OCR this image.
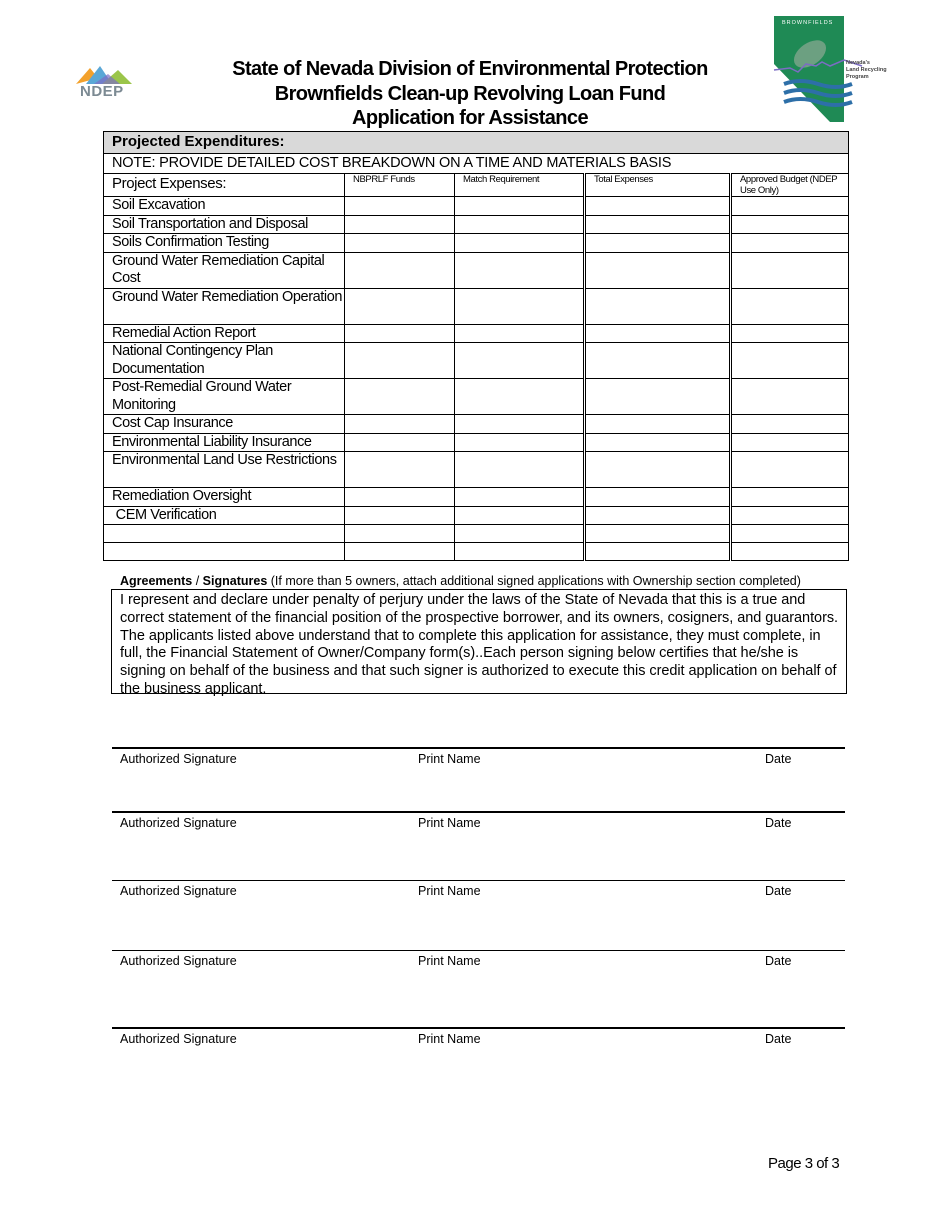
NDEP
State of Nevada Division of Environmental Protection
Brownfields Clean-up Revolving Loan Fund
Application for Assistance
BROWNFIELDS
Nevada's
Land Recycling
Program
Projected Expenditures:				
NOTE: PROVIDE DETAILED COST BREAKDOWN ON A TIME AND MATERIALS BASIS				
Project Expenses:	NBPRLF Funds	Match Requirement	Total Expenses	Approved Budget (NDEP Use Only)
Soil Excavation				
Soil Transportation and Disposal				
Soils Confirmation Testing				
Ground Water Remediation Capital Cost				
Ground Water Remediation Operation				
Remedial Action Report				
National Contingency Plan Documentation				
Post-Remedial Ground Water Monitoring				
Cost Cap Insurance				
Environmental Liability Insurance				
Environmental Land Use Restrictions				
Remediation Oversight				
CEM Verification				

Agreements / Signatures (If more than 5 owners, attach additional signed applications with Ownership section completed)
I represent and declare under penalty of perjury under the laws of the State of Nevada that this is a true and correct statement of the financial position of the prospective borrower, and its owners, cosigners, and guarantors. The applicants listed above understand that to complete this application for assistance, they must complete, in full, the Financial Statement of Owner/Company form(s)..Each person signing below certifies that he/she is signing on behalf of the business and that such signer is authorized to execute this credit application on behalf of the business applicant.
Authorized Signature	Print Name	Date
Authorized Signature	Print Name	Date
Authorized Signature	Print Name	Date
Authorized Signature	Print Name	Date
Authorized Signature	Print Name	Date
Page 3 of 3
